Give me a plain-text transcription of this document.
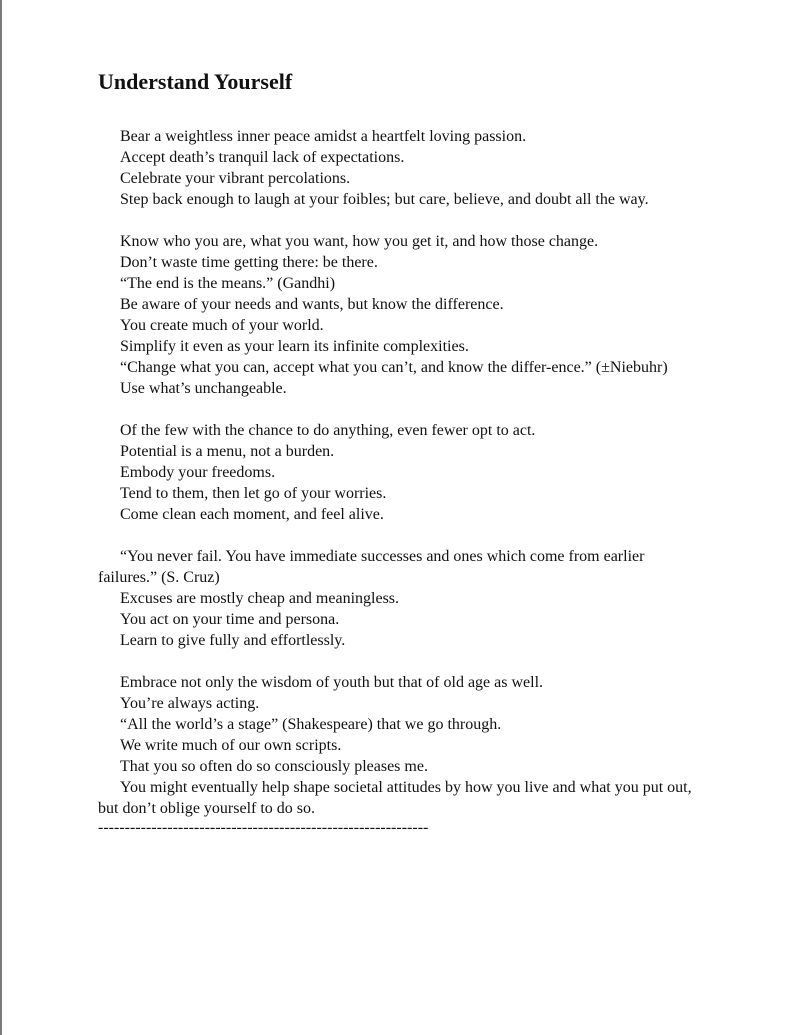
Understand Yourself

Bear a weightless inner peace amidst a heartfelt loving passion.

Accept death’s tranquil lack of expectations.

Celebrate your vibrant percolations.

Step back enough to laugh at your foibles; but care, believe, and doubt all the way.

Know who you are, what you want, how you get it, and how those change.

Don’t waste time getting there: be there.

“The end is the means.” (Gandhi)

Be aware of your needs and wants, but know the difference.

You create much of your world.

Simplify it even as your learn its infinite complexities.

“Change what you can, accept what you can’t, and know the differ-ence.” (±Niebuhr)

Use what’s unchangeable.

Of the few with the chance to do anything, even fewer opt to act.

Potential is a menu, not a burden.

Embody your freedoms.

Tend to them, then let go of your worries.

Come clean each moment, and feel alive.

“You never fail. You have immediate successes and ones which come from earlier failures.” (S. Cruz)

Excuses are mostly cheap and meaningless.

You act on your time and persona.

Learn to give fully and effortlessly.

Embrace not only the wisdom of youth but that of old age as well.

You’re always acting.

“All the world’s a stage” (Shakespeare) that we go through.

We write much of our own scripts.

That you so often do so consciously pleases me.

You might eventually help shape societal attitudes by how you live and what you put out, but don’t oblige yourself to do so.

--------------------------------------------------------------
